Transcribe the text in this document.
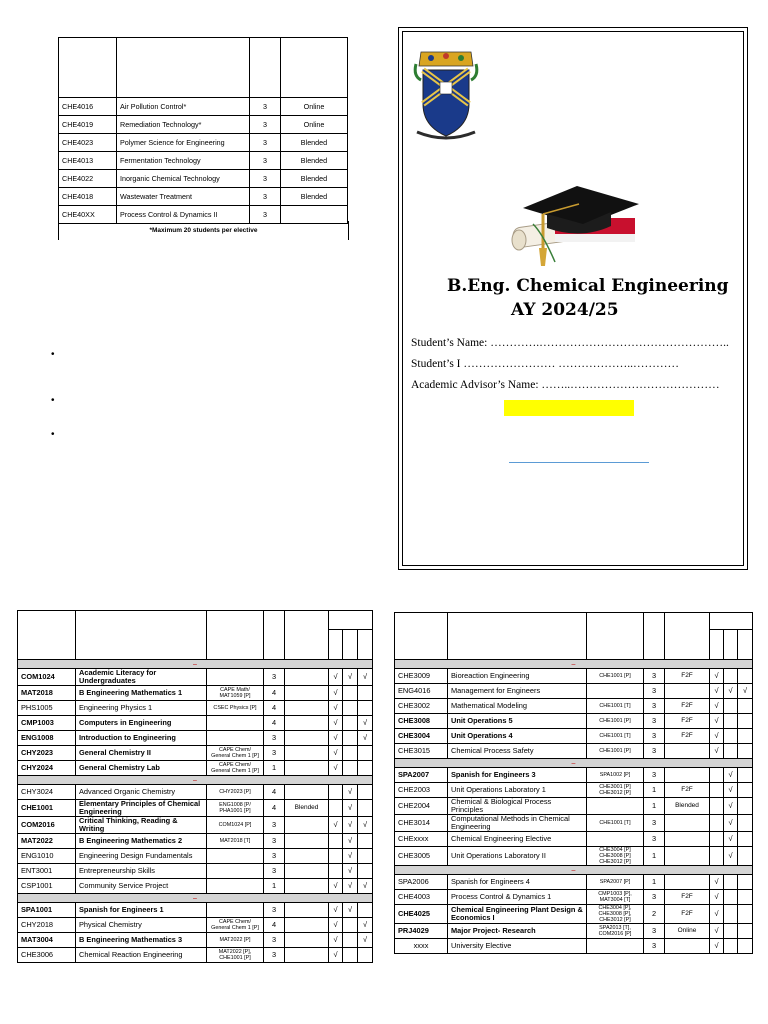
CHE4016	Air Pollution Control*	3	Online
CHE4019	Remediation Technology*	3	Online
CHE4023	Polymer Science for Engineering	3	Blended
CHE4013	Fermentation Technology	3	Blended
CHE4022	Inorganic Chemical Technology	3	Blended
CHE4018	Wastewater Treatment	3	Blended
CHE40XX	Process Control & Dynamics II	3	
*Maximum 20 students per elective
•
•
•
B.Eng. Chemical Engineering
AY 2024/25
Student’s Name: ………….…………………………………………..
Student’s I …………………… ………………..…………
Academic Advisor’s Name: ……..…………………………………

–							
COM1024	Academic Literacy for Undergraduates		3		√	√	√
MAT2018	B Engineering Mathematics 1	CAPE Math/ MAT1059 [P]	4		√		
PHS1005	Engineering Physics 1	CSEC Physics [P]	4		√		
CMP1003	Computers in Engineering		4		√		√
ENG1008	Introduction to Engineering		3		√		√
CHY2023	General Chemistry II	CAPE Chem/ General Chem 1 [P]	3		√		
CHY2024	General Chemistry Lab	CAPE Chem/ General Chem 1 [P]	1		√		
–							
CHY3024	Advanced Organic Chemistry	CHY2023 [P]	4			√	
CHE1001	Elementary Principles of Chemical Engineering	ENG1008 [P/ PHA1001 [P]	4	Blended		√	
COM2016	Critical Thinking, Reading & Writing	COM1024 [P]	3		√	√	√
MAT2022	B Engineering Mathematics 2	MAT2018 [T]	3			√	
ENG1010	Engineering Design Fundamentals		3			√	
ENT3001	Entrepreneurship Skills		3			√	
CSP1001	Community Service Project		1		√	√	√
–							
SPA1001	Spanish for Engineers 1		3		√	√	
CHY2018	Physical Chemistry	CAPE Chem/ General Chem 1 [P]	4		√		√
MAT3004	B Engineering Mathematics 3	MAT2022 [P]	3		√		√
CHE3006	Chemical Reaction Engineering	MAT2022 [P], CHE1001 [P]	3		√		

–							
CHE3009	Bioreaction Engineering	CHE1001 [P]	3	F2F	√		
ENG4016	Management for Engineers		3		√	√	√
CHE3002	Mathematical Modeling	CHE1001 [T]	3	F2F	√		
CHE3008	Unit Operations 5	CHE1001 [P]	3	F2F	√		
CHE3004	Unit Operations 4	CHE1001 [T]	3	F2F	√		
CHE3015	Chemical Process Safety	CHE1001 [P]	3		√		
–							
SPA2007	Spanish for Engineers 3	SPA1002 [P]	3			√	
CHE2003	Unit Operations Laboratory 1	CHE3001 [P] CHE3012 [P]	1	F2F		√	
CHE2004	Chemical & Biological Process Principles		1	Blended		√	
CHE3014	Computational Methods in Chemical Engineering	CHE1001 [T]	3			√	
CHExxxx	Chemical Engineering Elective		3			√	
CHE3005	Unit Operations Laboratory II	CHE3004 [P] CHE3008 [P] CHE3012 [P]	1			√	
–							
SPA2006	Spanish for Engineers 4	SPA2007 [P]	1		√		
CHE4003	Process Control & Dynamics 1	CMP1003 [P], MAT3004 [T]	3	F2F	√		
CHE4025	Chemical Engineering Plant Design & Economics I	CHE3004 [P], CHE3008 [P], CHE3012 [P]	2	F2F	√		
PRJ4029	Major Project- Research	SPA2013 [T], COM2016 [P]	3	Online	√		
xxxx	University Elective		3		√		
